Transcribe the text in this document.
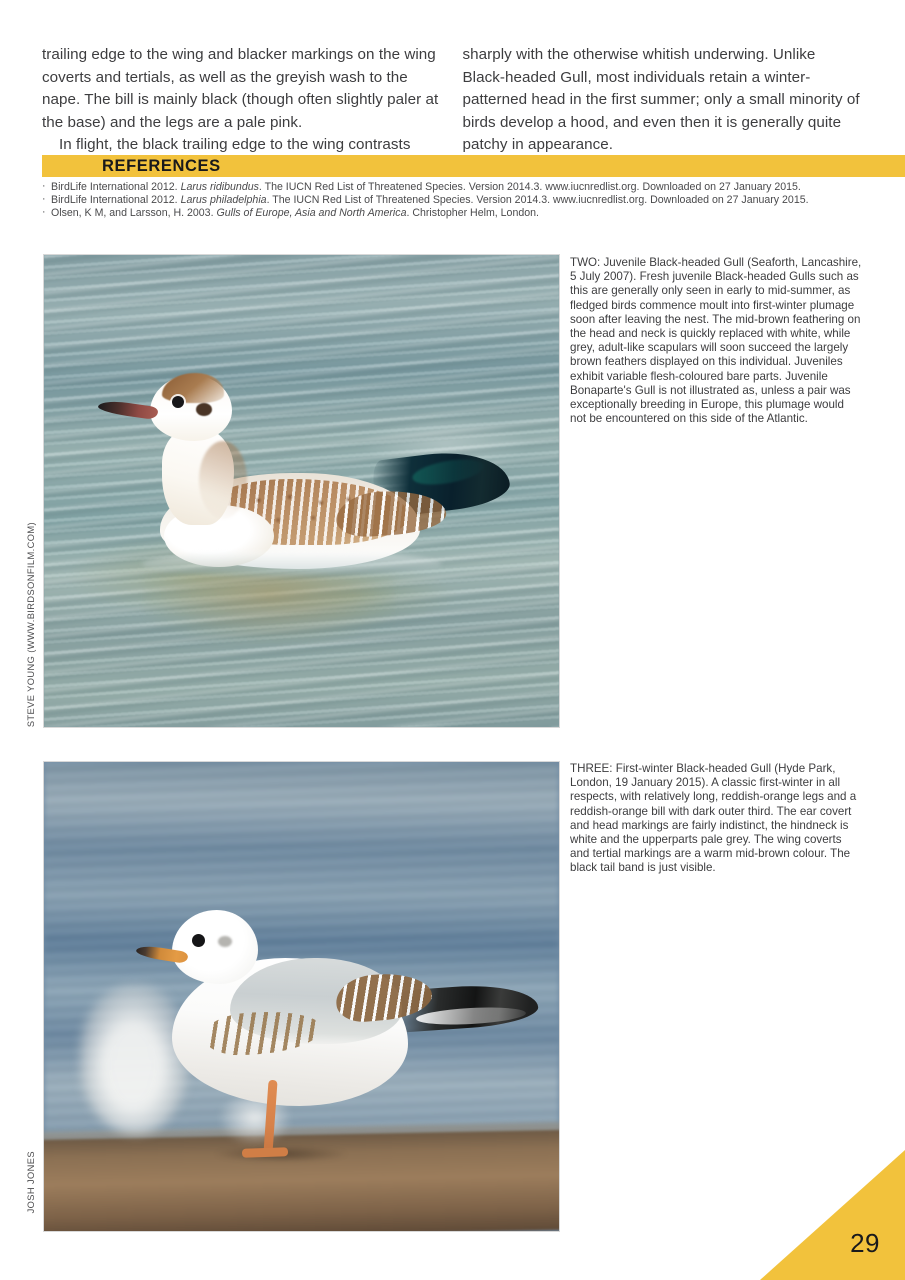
trailing edge to the wing and blacker markings on the wing coverts and tertials, as well as the greyish wash to the nape. The bill is mainly black (though often slightly paler at the base) and the legs are a pale pink.

In flight, the black trailing edge to the wing contrasts

sharply with the otherwise whitish underwing. Unlike Black-headed Gull, most individuals retain a winter-patterned head in the first summer; only a small minority of birds develop a hood, and even then it is generally quite patchy in appearance.

REFERENCES
· BirdLife International 2012. Larus ridibundus. The IUCN Red List of Threatened Species. Version 2014.3. www.iucnredlist.org. Downloaded on 27 January 2015.
· BirdLife International 2012. Larus philadelphia. The IUCN Red List of Threatened Species. Version 2014.3. www.iucnredlist.org. Downloaded on 27 January 2015.
· Olsen, K M, and Larsson, H. 2003. Gulls of Europe, Asia and North America. Christopher Helm, London.
STEVE YOUNG (WWW.BIRDSONFILM.COM)
TWO: Juvenile Black-headed Gull (Seaforth, Lancashire, 5 July 2007). Fresh juvenile Black-headed Gulls such as this are generally only seen in early to mid-summer, as fledged birds commence moult into first-winter plumage soon after leaving the nest. The mid-brown feathering on the head and neck is quickly replaced with white, while grey, adult-like scapulars will soon succeed the largely brown feathers displayed on this individual. Juveniles exhibit variable flesh-coloured bare parts. Juvenile Bonaparte's Gull is not illustrated as, unless a pair was exceptionally breeding in Europe, this plumage would not be encountered on this side of the Atlantic.
JOSH JONES
THREE: First-winter Black-headed Gull (Hyde Park, London, 19 January 2015). A classic first-winter in all respects, with relatively long, reddish-orange legs and a reddish-orange bill with dark outer third. The ear covert and head markings are fairly indistinct, the hindneck is white and the upperparts pale grey. The wing coverts and tertial markings are a warm mid-brown colour. The black tail band is just visible.
29
